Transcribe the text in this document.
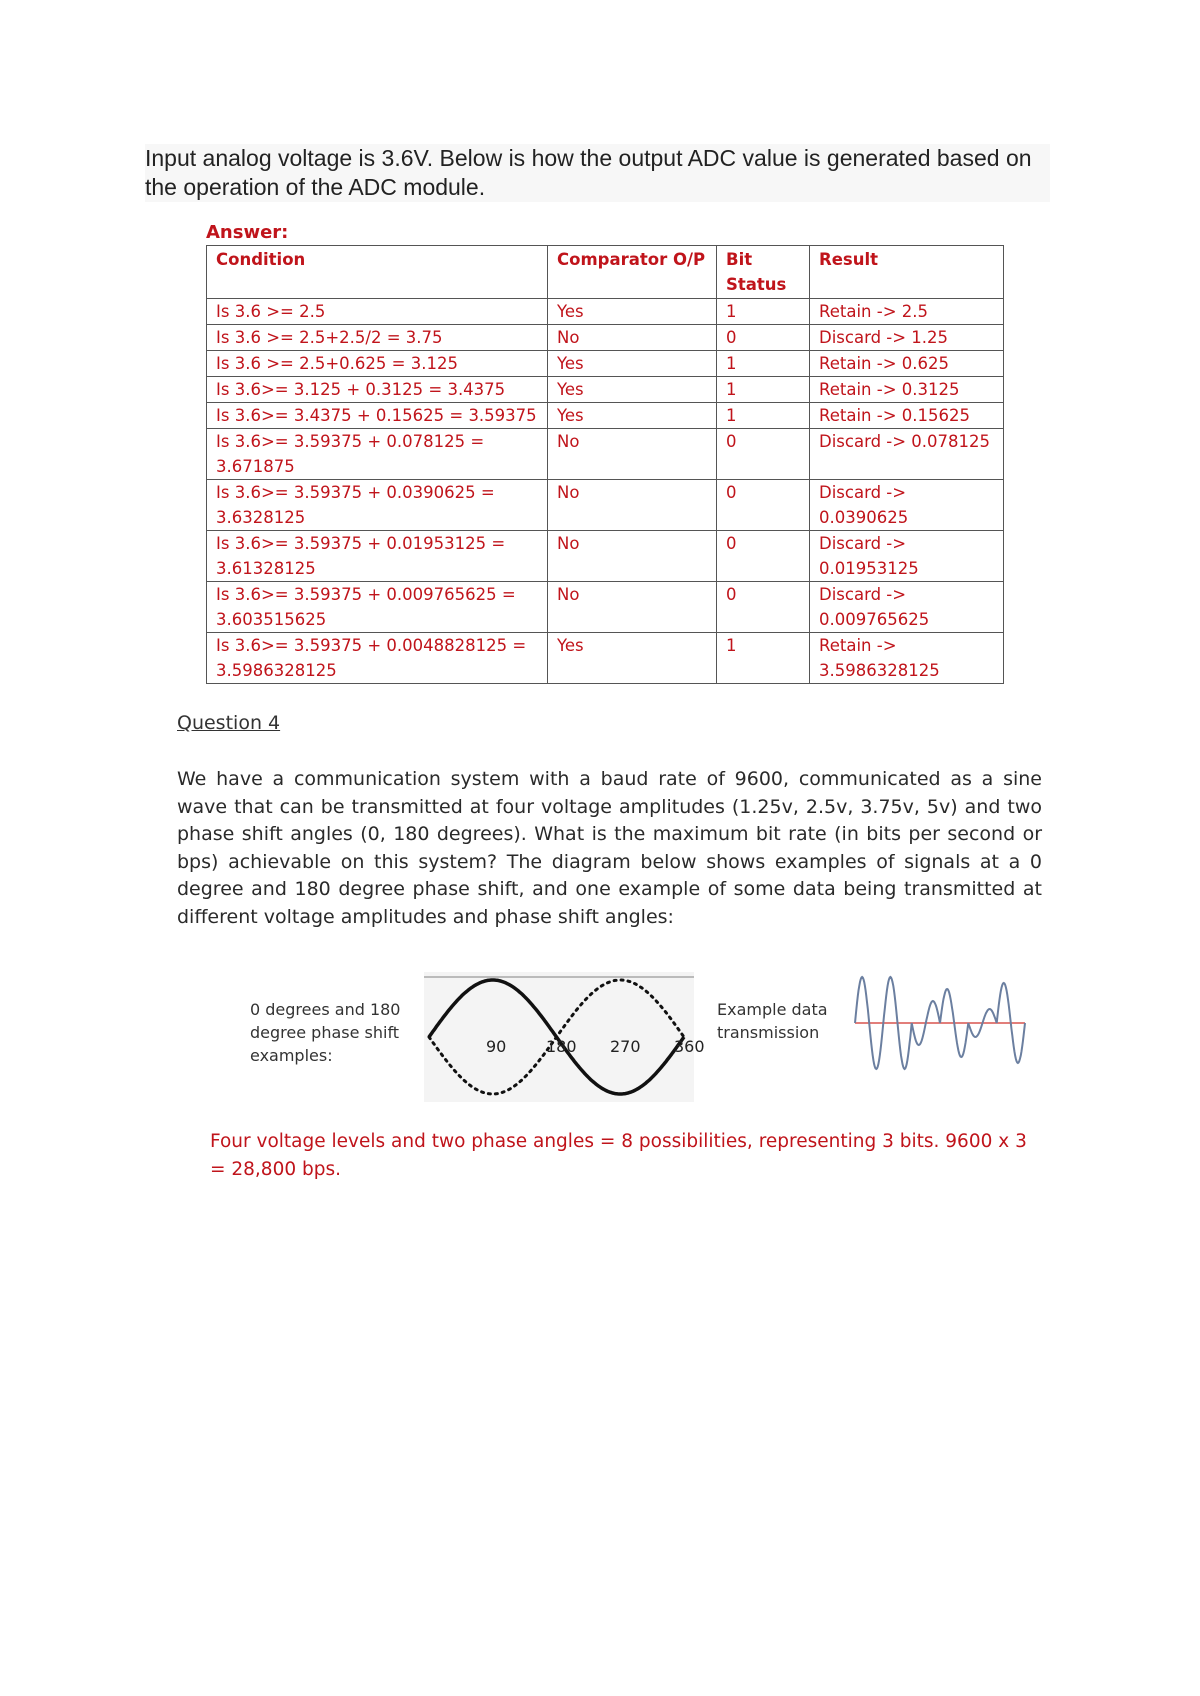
Input analog voltage is 3.6V. Below is how the output ADC value is generated based on the operation of the ADC module.
Answer:
Condition	Comparator O/P	Bit Status	Result
Is 3.6 >= 2.5	Yes	1	Retain -> 2.5
Is 3.6 >= 2.5+2.5/2 = 3.75	No	0	Discard -> 1.25
Is 3.6 >= 2.5+0.625 = 3.125	Yes	1	Retain -> 0.625
Is 3.6>= 3.125 + 0.3125 = 3.4375	Yes	1	Retain -> 0.3125
Is 3.6>= 3.4375 + 0.15625 = 3.59375	Yes	1	Retain -> 0.15625
Is 3.6>= 3.59375 + 0.078125 = 3.671875	No	0	Discard -> 0.078125
Is 3.6>= 3.59375 + 0.0390625 = 3.6328125	No	0	Discard -> 0.0390625
Is 3.6>= 3.59375 + 0.01953125 = 3.61328125	No	0	Discard -> 0.01953125
Is 3.6>= 3.59375 + 0.009765625 = 3.603515625	No	0	Discard -> 0.009765625
Is 3.6>= 3.59375 + 0.0048828125 = 3.5986328125	Yes	1	Retain -> 3.5986328125
Question 4
We have a communication system with a baud rate of 9600, communicated as a sine wave that can be transmitted at four voltage amplitudes (1.25v, 2.5v, 3.75v, 5v) and two phase shift angles (0, 180 degrees). What is the maximum bit rate (in bits per second or bps) achievable on this system? The diagram below shows examples of signals at a 0 degree and 180 degree phase shift, and one example of some data being transmitted at different voltage amplitudes and phase shift angles:
0 degrees and 180 degree phase shift examples:	90 180 270 360
Example data transmission
Four voltage levels and two phase angles = 8 possibilities, representing 3 bits. 9600 x 3 = 28,800 bps.
